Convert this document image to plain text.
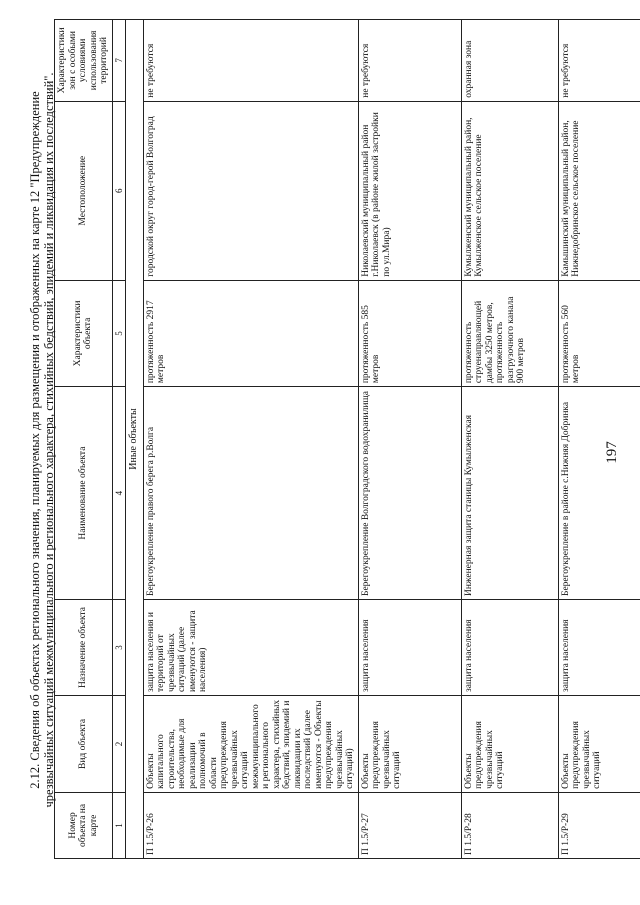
2.12. Сведения об объектах регионального значения, планируемых для размещения и отображенных на карте 12 "Предупреждение чрезвычайных ситуаций межмуниципального и регионального характера, стихийных бедствий, эпидемий и ликвидация их последствий".
Номер объекта на карте	Вид объекта	Назначение объекта	Наименование объекта	Характеристики объекта	Местоположение	Характеристики зон с особыми условиями использования территорий
1	2	3	4	5	6	7
Иные объекты						
П 1.5/Р-26	Объекты капитального строительства, необходимые для реализации полномочий в области предупреждения чрезвычайных ситуаций межмуниципального и регионального характера, стихийных бедствий, эпидемий и ликвидации их последствий (далее именуются - Объекты предупреждения чрезвычайных ситуаций)	защита населения и территорий от чрезвычайных ситуаций (далее именуются - защита населения)	Берегоукрепление правого берега р.Волга	протяженность 2917 метров	городской округ город-герой Волгоград	не требуются
П 1.5/Р-27	Объекты предупреждения чрезвычайных ситуаций	защита населения	Берегоукрепление Волгоградского водохранилища	протяженность 585 метров	Николаевский муниципальный район г.Николаевск (в районе жилой застройки по ул.Мира)	не требуются
П 1.5/Р-28	Объекты предупреждения чрезвычайных ситуаций	защита населения	Инженерная защита станицы Кумылженская	протяженность струенаправляющей дамбы 3250 метров, протяженность разгрузочного канала 900 метров	Кумылженский муниципальный район, Кумылженское сельское поселение	охранная зона
П 1.5/Р-29	Объекты предупреждения чрезвычайных ситуаций	защита населения	Берегоукрепление в районе с.Нижняя Добринка	протяженность 560 метров	Камышинский муниципальный район, Нижнедобринское сельское поселение	не требуются
197
